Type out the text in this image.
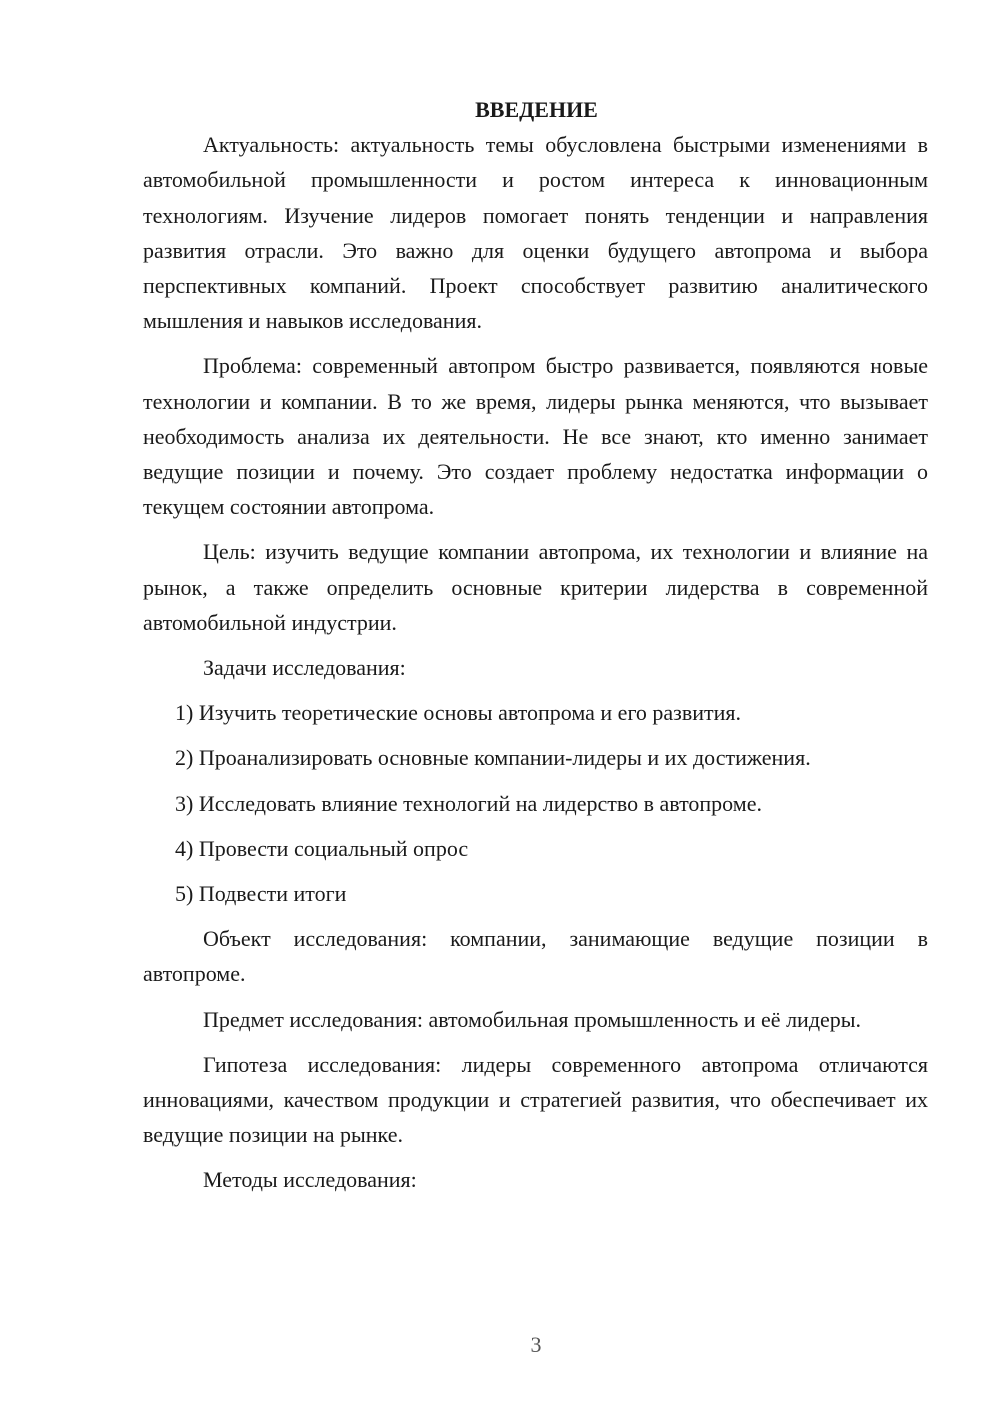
ВВЕДЕНИЕ

Актуальность: актуальность темы обусловлена быстрыми изменениями в автомобильной промышленности и ростом интереса к инновационным технологиям. Изучение лидеров помогает понять тенденции и направления развития отрасли. Это важно для оценки будущего автопрома и выбора перспективных компаний. Проект способствует развитию аналитического мышления и навыков исследования.

Проблема: современный автопром быстро развивается, появляются новые технологии и компании. В то же время, лидеры рынка меняются, что вызывает необходимость анализа их деятельности. Не все знают, кто именно занимает ведущие позиции и почему. Это создает проблему недостатка информации о текущем состоянии автопрома.

Цель: изучить ведущие компании автопрома, их технологии и влияние на рынок, а также определить основные критерии лидерства в современной автомобильной индустрии.

Задачи исследования:

1) Изучить теоретические основы автопрома и его развития.
2) Проанализировать основные компании-лидеры и их достижения.
3) Исследовать влияние технологий на лидерство в автопроме.
4) Провести социальный опрос
5) Подвести итоги

Объект исследования: компании, занимающие ведущие позиции в автопроме.

Предмет исследования: автомобильная промышленность и её лидеры.

Гипотеза исследования: лидеры современного автопрома отличаются инновациями, качеством продукции и стратегией развития, что обеспечивает их ведущие позиции на рынке.

Методы исследования:

3
